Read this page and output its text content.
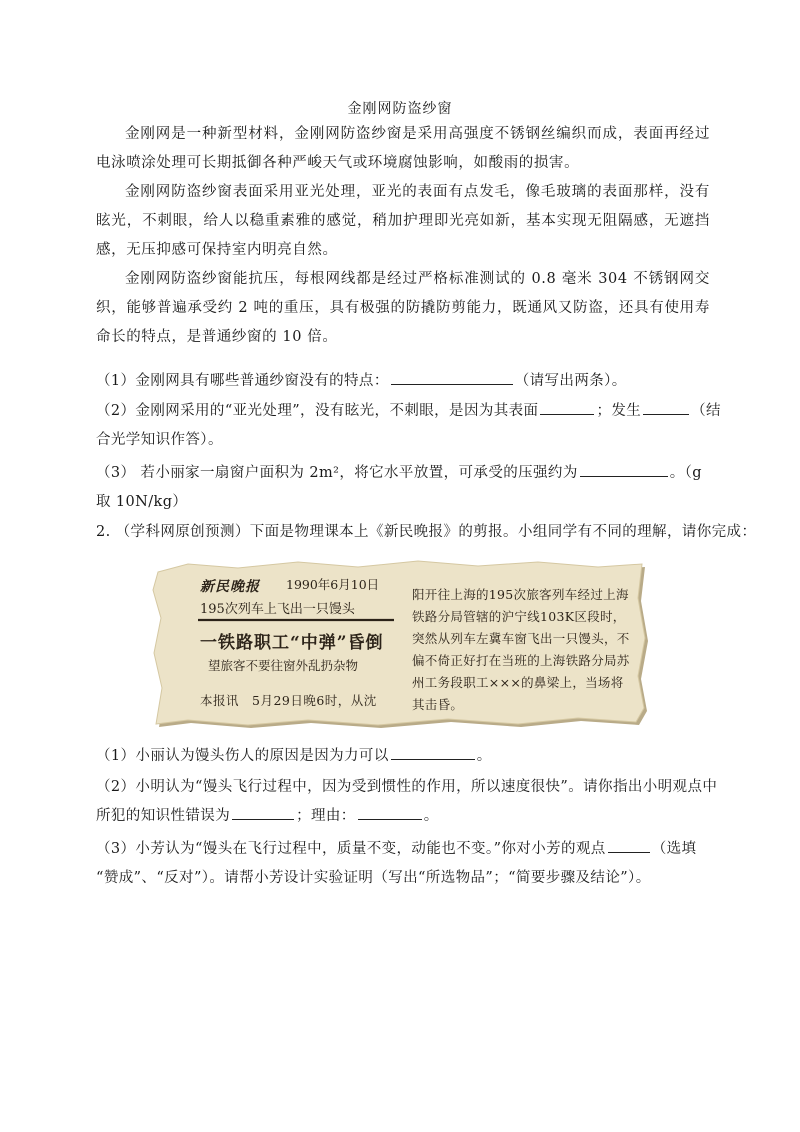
金刚网防盗纱窗
金刚网是一种新型材料，金刚网防盗纱窗是采用高强度不锈钢丝编织而成，表面再经过电泳喷涂处理可长期抵御各种严峻天气或环境腐蚀影响，如酸雨的损害。
金刚网防盗纱窗表面采用亚光处理，亚光的表面有点发毛，像毛玻璃的表面那样，没有眩光，不刺眼，给人以稳重素雅的感觉，稍加护理即光亮如新，基本实现无阻隔感，无遮挡感，无压抑感可保持室内明亮自然。
金刚网防盗纱窗能抗压，每根网线都是经过严格标准测试的 0.8 毫米 304 不锈钢网交织，能够普遍承受约 2 吨的重压，具有极强的防撬防剪能力，既通风又防盗，还具有使用寿命长的特点，是普通纱窗的 10 倍。
（1）金刚网具有哪些普通纱窗没有的特点：	（请写出两条）。
（2）金刚网采用的“亚光处理”，没有眩光，不刺眼，是因为其表面	；发生	（结
合光学知识作答）。
（3） 若小丽家一扇窗户面积为 2m²，将它水平放置，可承受的压强约为	。（g
取 10N/kg）
2. （学科网原创预测）下面是物理课本上《新民晚报》的剪报。小组同学有不同的理解，请你完成：
新民晚报 1990年6月10日
195次列车上飞出一只馒头
一铁路职工“中弹”昏倒
望旅客不要往窗外乱扔杂物
本报讯　5月29日晚6时，从沈
阳开往上海的195次旅客列车经过上海铁路分局管辖的沪宁线103K区段时，突然从列车左冀车窗飞出一只馒头，不偏不倚正好打在当班的上海铁路分局苏州工务段职工×××的鼻梁上，当场将其击昏。
（1）小丽认为馒头伤人的原因是因为力可以	。
（2）小明认为“馒头飞行过程中，因为受到惯性的作用，所以速度很快”。请你指出小明观点中
所犯的知识性错误为	；理由：	。
（3）小芳认为“馒头在飞行过程中，质量不变，动能也不变。”你对小芳的观点	（选填
“赞成”、“反对”）。请帮小芳设计实验证明（写出“所选物品”；“简要步骤及结论”）。
